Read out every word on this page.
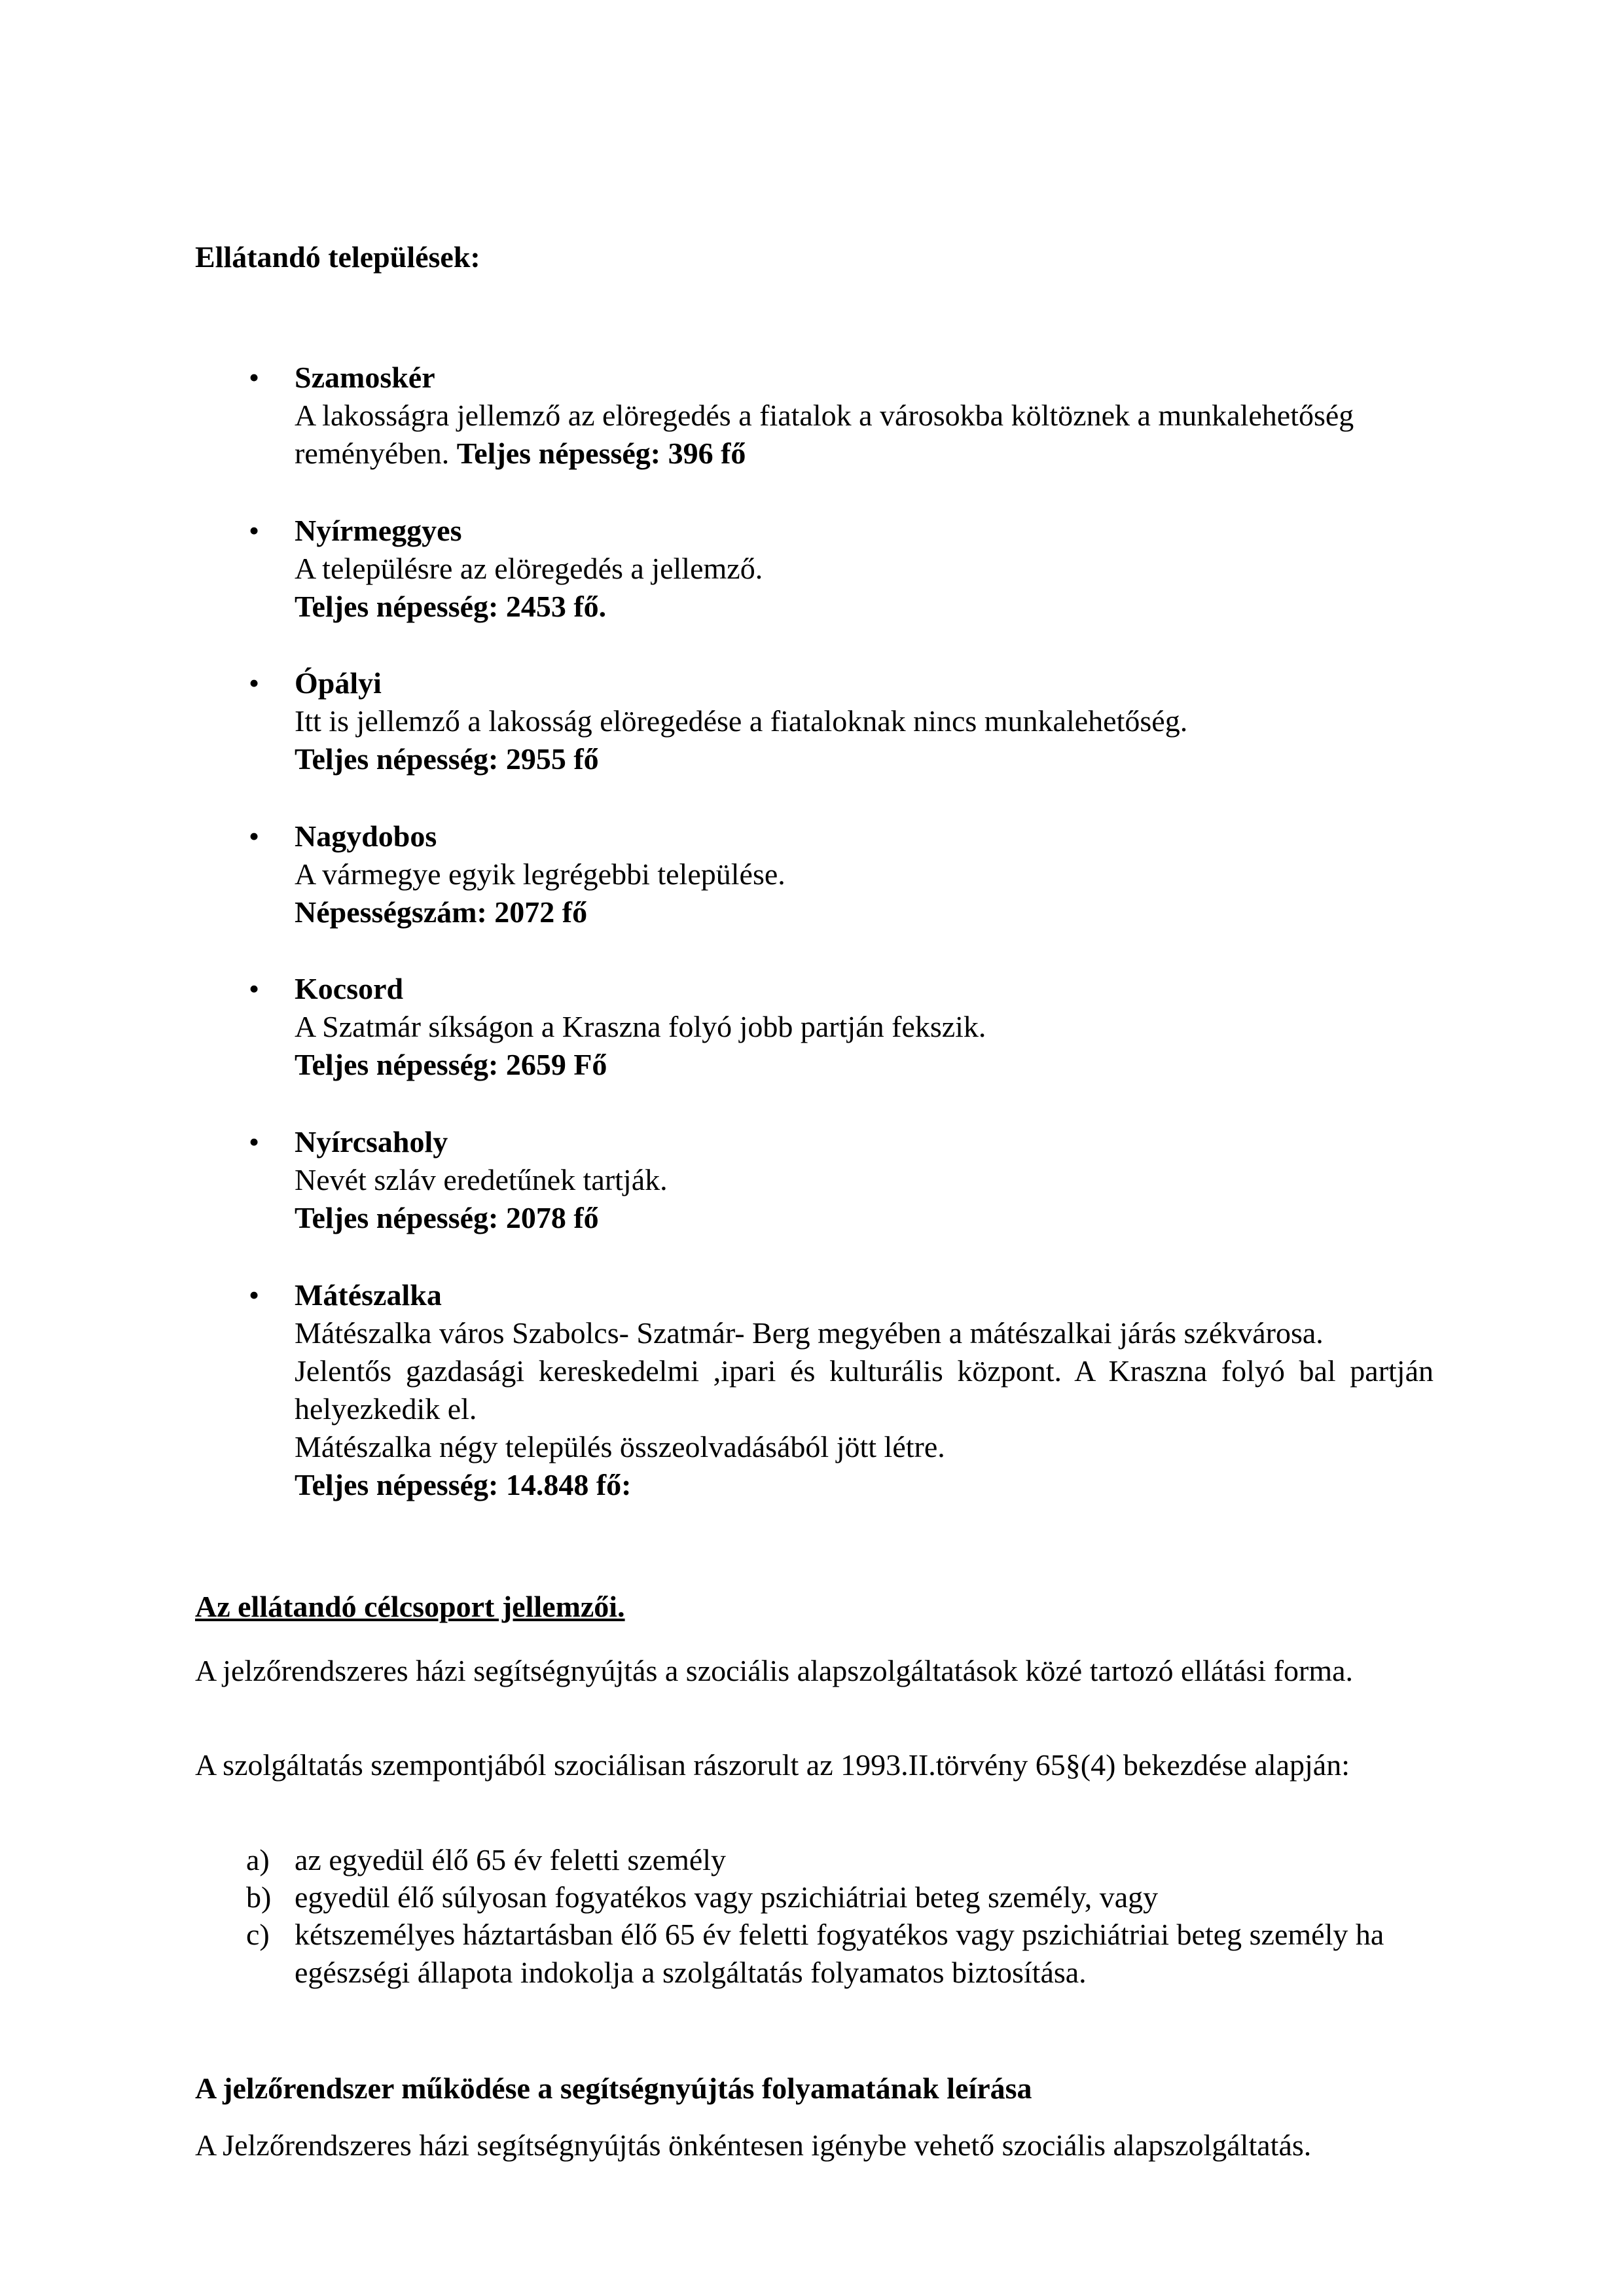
Ellátandó települések:
• Szamoskér
A lakosságra jellemző az elöregedés a fiatalok a városokba költöznek a munkalehetőség reményében. Teljes népesség: 396 fő
• Nyírmeggyes
A településre az elöregedés a jellemző.
Teljes népesség: 2453 fő.
• Ópályi
Itt is jellemző a lakosság elöregedése a fiataloknak nincs munkalehetőség.
Teljes népesség: 2955 fő
• Nagydobos
A vármegye egyik legrégebbi települése.
Népességszám: 2072 fő
• Kocsord
A Szatmár síkságon a Kraszna folyó jobb partján fekszik.
Teljes népesség: 2659 Fő
• Nyírcsaholy
Nevét szláv eredetűnek tartják.
Teljes népesség: 2078 fő
• Mátészalka
Mátészalka város Szabolcs- Szatmár- Berg megyében a mátészalkai járás székvárosa.
Jelentős gazdasági kereskedelmi ,ipari és kulturális központ. A Kraszna folyó bal partján helyezkedik el.
Mátészalka négy település összeolvadásából jött létre.
Teljes népesség: 14.848 fő:
Az ellátandó célcsoport jellemzői.
A jelzőrendszeres házi segítségnyújtás a szociális alapszolgáltatások közé tartozó ellátási forma.
A szolgáltatás szempontjából szociálisan rászorult az 1993.II.törvény 65§(4) bekezdése alapján:
a) az egyedül élő 65 év feletti személy
b) egyedül élő súlyosan fogyatékos vagy pszichiátriai beteg személy, vagy
c) kétszemélyes háztartásban élő 65 év feletti fogyatékos vagy pszichiátriai beteg személy ha egészségi állapota indokolja a szolgáltatás folyamatos biztosítása.
A jelzőrendszer működése a segítségnyújtás folyamatának leírása
A Jelzőrendszeres házi segítségnyújtás önkéntesen igénybe vehető szociális alapszolgáltatás.
